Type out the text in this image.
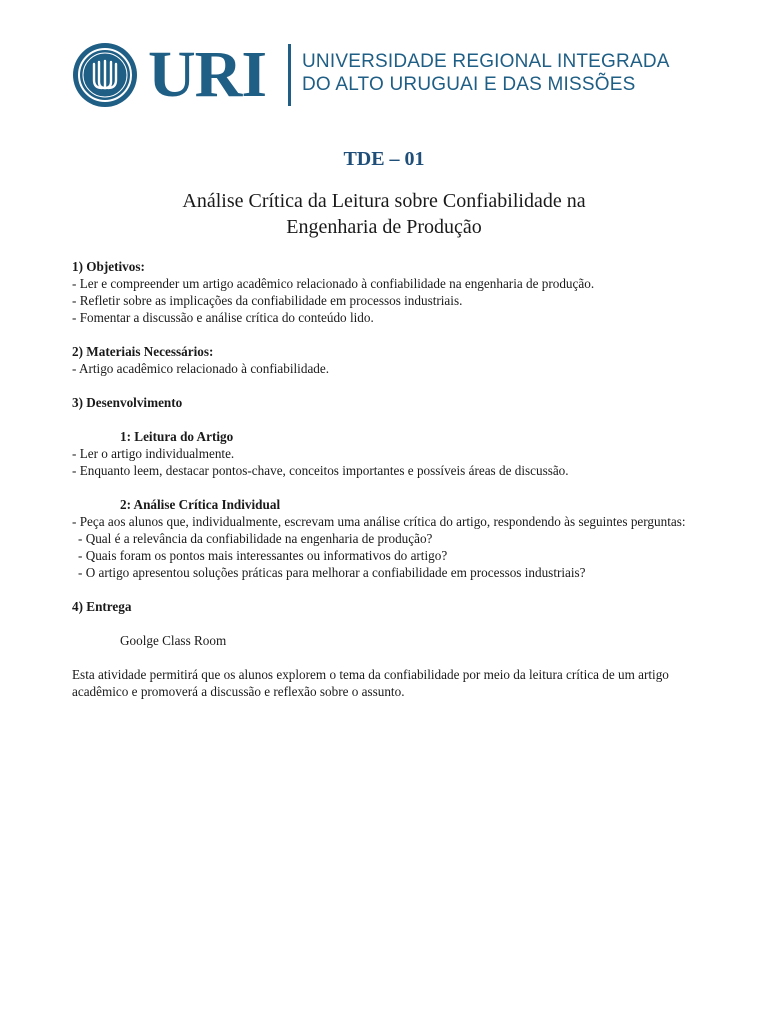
URI UNIVERSIDADE REGIONAL INTEGRADA
DO ALTO URUGUAI E DAS MISSÕES
TDE – 01
Análise Crítica da Leitura sobre Confiabilidade na
Engenharia de Produção

1) Objetivos:

- Ler e compreender um artigo acadêmico relacionado à confiabilidade na engenharia de produção.

- Refletir sobre as implicações da confiabilidade em processos industriais.

- Fomentar a discussão e análise crítica do conteúdo lido.

2) Materiais Necessários:

- Artigo acadêmico relacionado à confiabilidade.

3) Desenvolvimento

1: Leitura do Artigo

- Ler o artigo individualmente.

- Enquanto leem, destacar pontos-chave, conceitos importantes e possíveis áreas de discussão.

2: Análise Crítica Individual

- Peça aos alunos que, individualmente, escrevam uma análise crítica do artigo, respondendo às seguintes perguntas:

- Qual é a relevância da confiabilidade na engenharia de produção?

- Quais foram os pontos mais interessantes ou informativos do artigo?

- O artigo apresentou soluções práticas para melhorar a confiabilidade em processos industriais?

4) Entrega

Goolge Class Room

Esta atividade permitirá que os alunos explorem o tema da confiabilidade por meio da leitura crítica de um artigo acadêmico e promoverá a discussão e reflexão sobre o assunto.
